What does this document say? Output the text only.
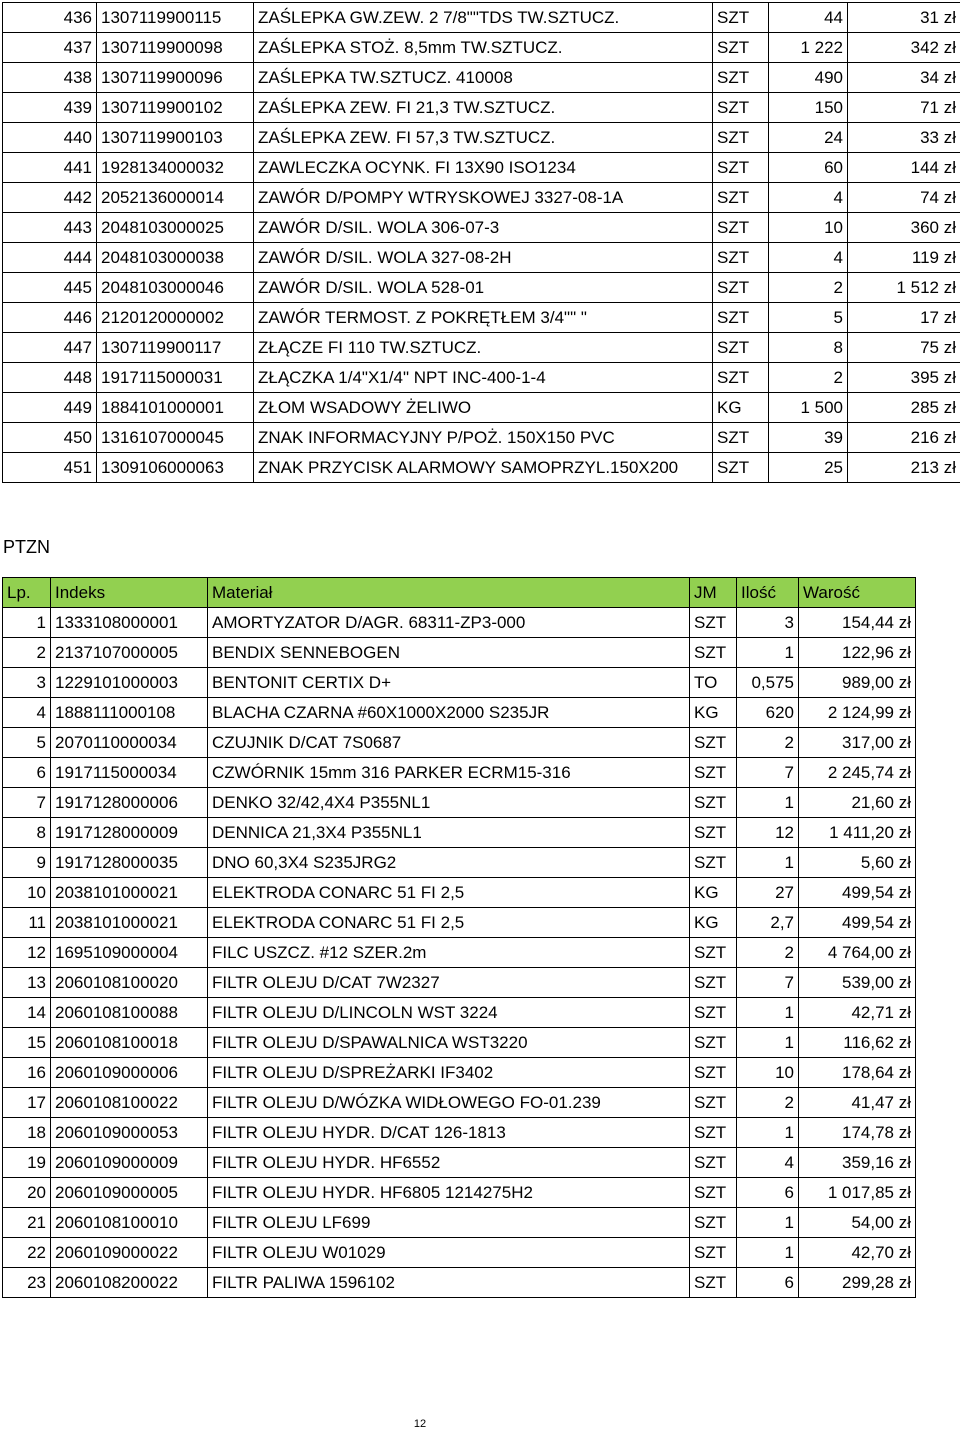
436	1307119900115	ZAŚLEPKA GW.ZEW. 2 7/8""TDS TW.SZTUCZ.	SZT	44	31 zł
437	1307119900098	ZAŚLEPKA STOŻ. 8,5mm TW.SZTUCZ.	SZT	1 222	342 zł
438	1307119900096	ZAŚLEPKA TW.SZTUCZ. 410008	SZT	490	34 zł
439	1307119900102	ZAŚLEPKA ZEW. FI 21,3 TW.SZTUCZ.	SZT	150	71 zł
440	1307119900103	ZAŚLEPKA ZEW. FI 57,3 TW.SZTUCZ.	SZT	24	33 zł
441	1928134000032	ZAWLECZKA OCYNK. FI 13X90 ISO1234	SZT	60	144 zł
442	2052136000014	ZAWÓR D/POMPY WTRYSKOWEJ 3327-08-1A	SZT	4	74 zł
443	2048103000025	ZAWÓR D/SIL. WOLA 306-07-3	SZT	10	360 zł
444	2048103000038	ZAWÓR D/SIL. WOLA 327-08-2H	SZT	4	119 zł
445	2048103000046	ZAWÓR D/SIL. WOLA 528-01	SZT	2	1 512 zł
446	2120120000002	ZAWÓR TERMOST. Z POKRĘTŁEM 3/4"" "	SZT	5	17 zł
447	1307119900117	ZŁĄCZE FI 110 TW.SZTUCZ.	SZT	8	75 zł
448	1917115000031	ZŁĄCZKA 1/4"X1/4" NPT INC-400-1-4	SZT	2	395 zł
449	1884101000001	ZŁOM WSADOWY ŻELIWO	KG	1 500	285 zł
450	1316107000045	ZNAK INFORMACYJNY P/POŻ. 150X150 PVC	SZT	39	216 zł
451	1309106000063	ZNAK PRZYCISK ALARMOWY SAMOPRZYL.150X200	SZT	25	213 zł
PTZN
Lp.	Indeks	Materiał	JM	Ilość	Warość
1	1333108000001	AMORTYZATOR D/AGR. 68311-ZP3-000	SZT	3	154,44 zł
2	2137107000005	BENDIX SENNEBOGEN	SZT	1	122,96 zł
3	1229101000003	BENTONIT CERTIX D+	TO	0,575	989,00 zł
4	1888111000108	BLACHA CZARNA #60X1000X2000 S235JR	KG	620	2 124,99 zł
5	2070110000034	CZUJNIK D/CAT 7S0687	SZT	2	317,00 zł
6	1917115000034	CZWÓRNIK 15mm 316 PARKER ECRM15-316	SZT	7	2 245,74 zł
7	1917128000006	DENKO 32/42,4X4 P355NL1	SZT	1	21,60 zł
8	1917128000009	DENNICA 21,3X4 P355NL1	SZT	12	1 411,20 zł
9	1917128000035	DNO 60,3X4 S235JRG2	SZT	1	5,60 zł
10	2038101000021	ELEKTRODA CONARC 51 FI 2,5	KG	27	499,54 zł
11	2038101000021	ELEKTRODA CONARC 51 FI 2,5	KG	2,7	499,54 zł
12	1695109000004	FILC USZCZ. #12 SZER.2m	SZT	2	4 764,00 zł
13	2060108100020	FILTR OLEJU D/CAT 7W2327	SZT	7	539,00 zł
14	2060108100088	FILTR OLEJU D/LINCOLN WST 3224	SZT	1	42,71 zł
15	2060108100018	FILTR OLEJU D/SPAWALNICA WST3220	SZT	1	116,62 zł
16	2060109000006	FILTR OLEJU D/SPREŻARKI IF3402	SZT	10	178,64 zł
17	2060108100022	FILTR OLEJU D/WÓZKA WIDŁOWEGO FO-01.239	SZT	2	41,47 zł
18	2060109000053	FILTR OLEJU HYDR. D/CAT 126-1813	SZT	1	174,78 zł
19	2060109000009	FILTR OLEJU HYDR. HF6552	SZT	4	359,16 zł
20	2060109000005	FILTR OLEJU HYDR. HF6805 1214275H2	SZT	6	1 017,85 zł
21	2060108100010	FILTR OLEJU LF699	SZT	1	54,00 zł
22	2060109000022	FILTR OLEJU W01029	SZT	1	42,70 zł
23	2060108200022	FILTR PALIWA 1596102	SZT	6	299,28 zł
12
